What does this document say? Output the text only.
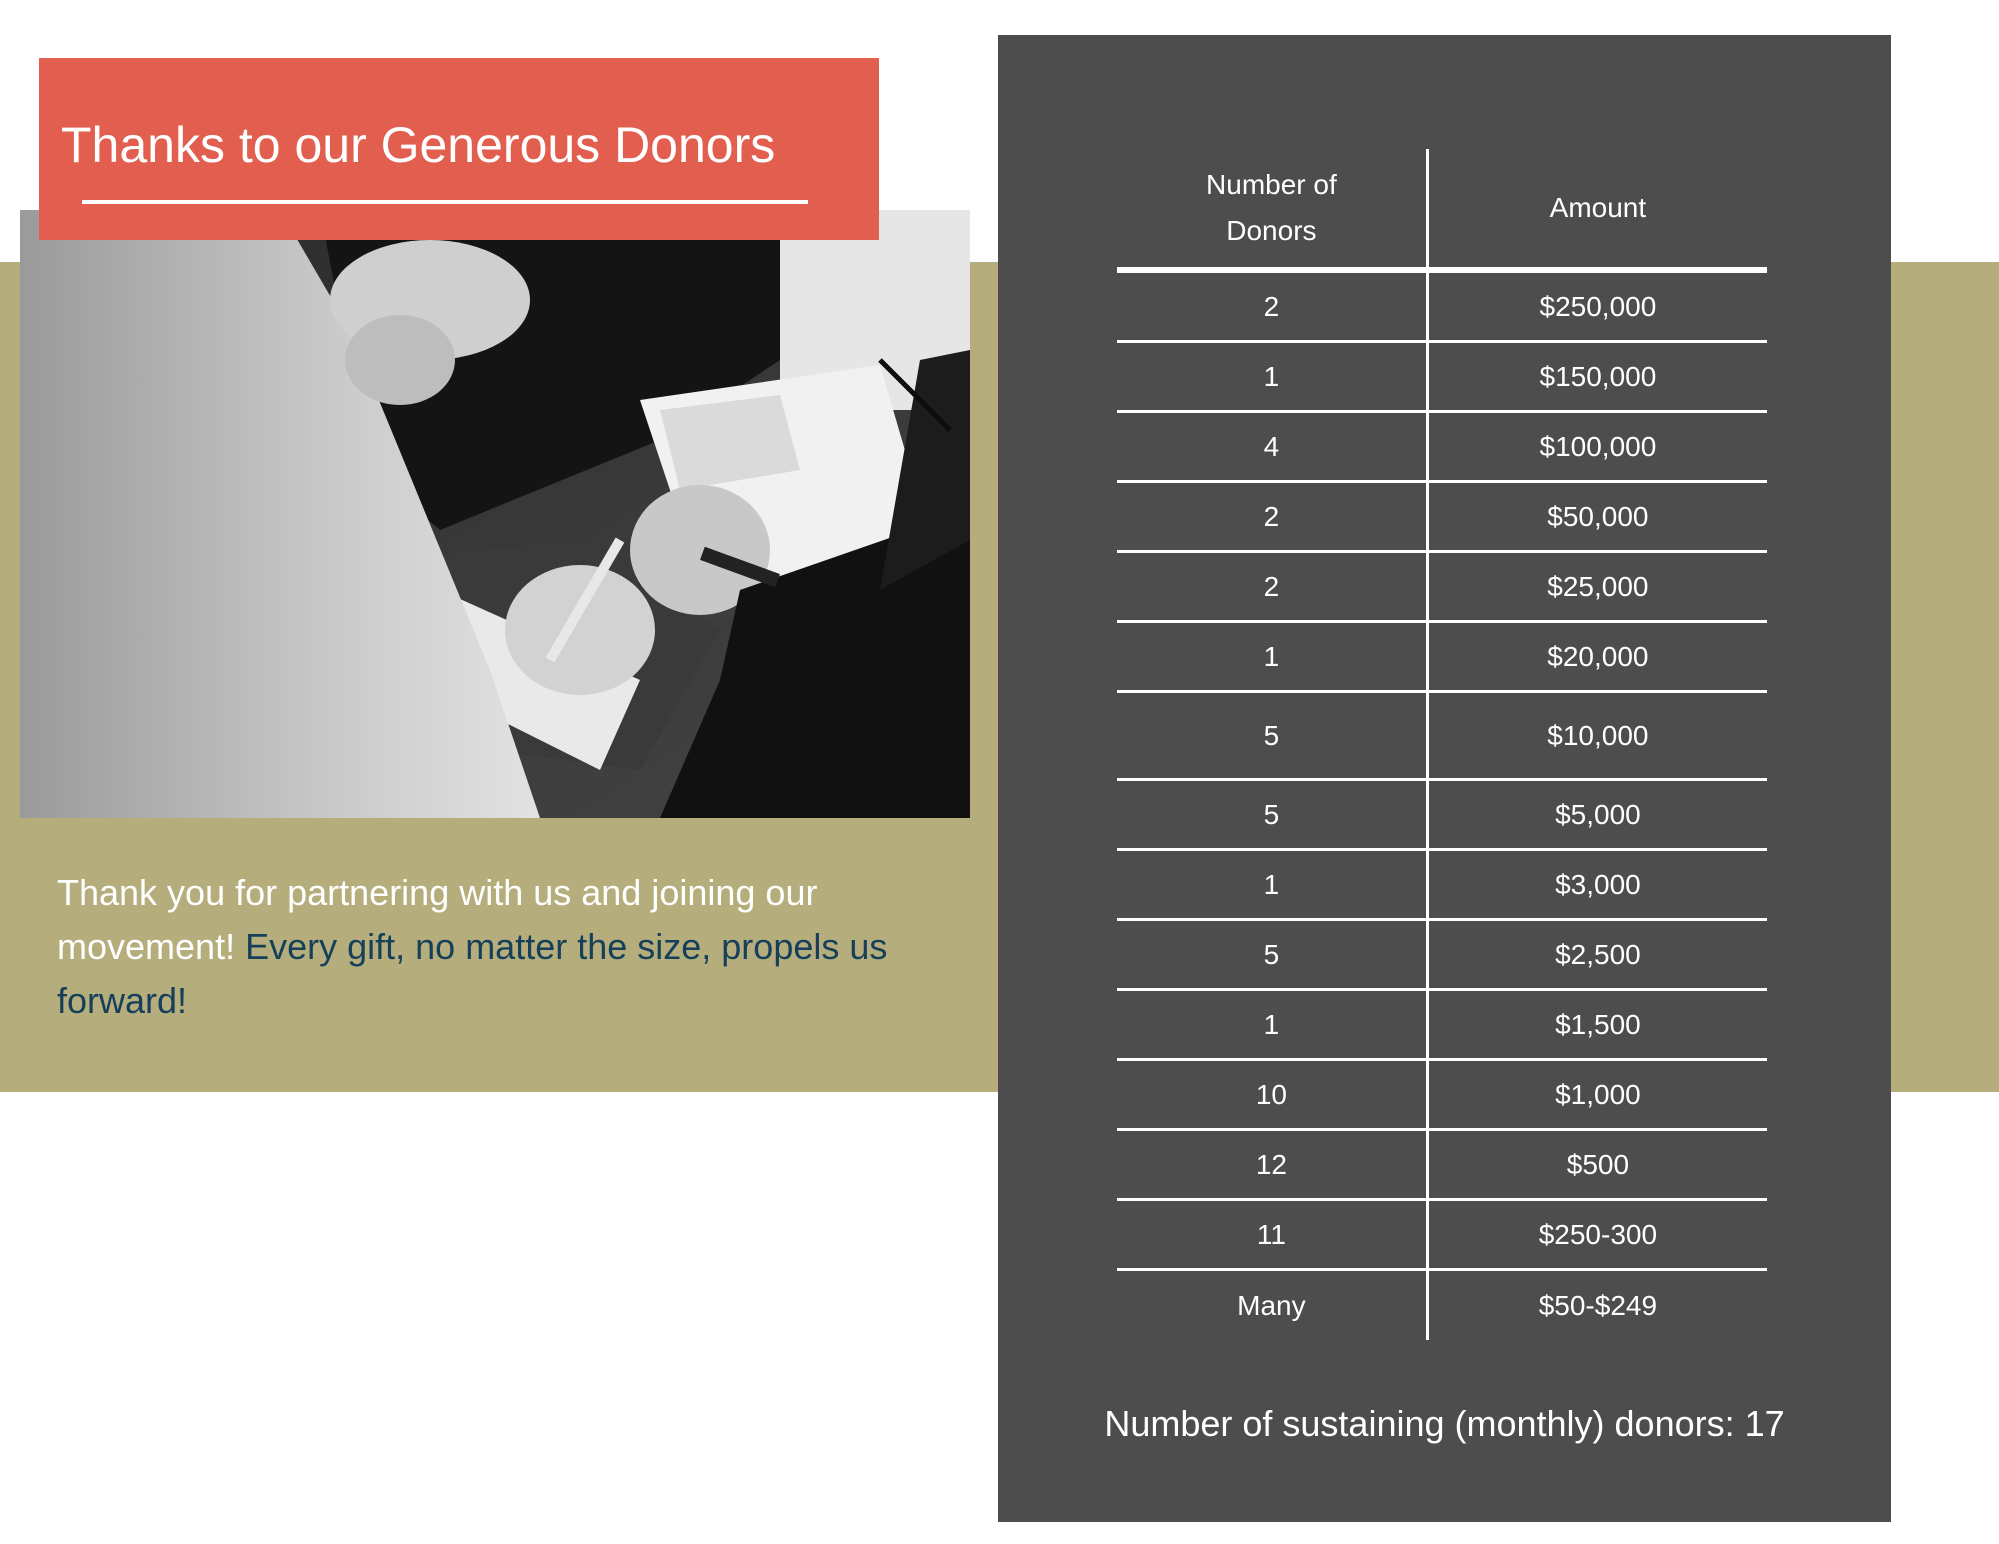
Thanks to our Generous Donors
Thank you for partnering with us and joining our movement! Every gift, no matter the size, propels us forward!
Number of Donors	Amount
2	$250,000
1	$150,000
4	$100,000
2	$50,000
2	$25,000
1	$20,000
5	$10,000
5	$5,000
1	$3,000
5	$2,500
1	$1,500
10	$1,000
12	$500
11	$250-300
Many	$50-$249
Number of sustaining (monthly) donors: 17
